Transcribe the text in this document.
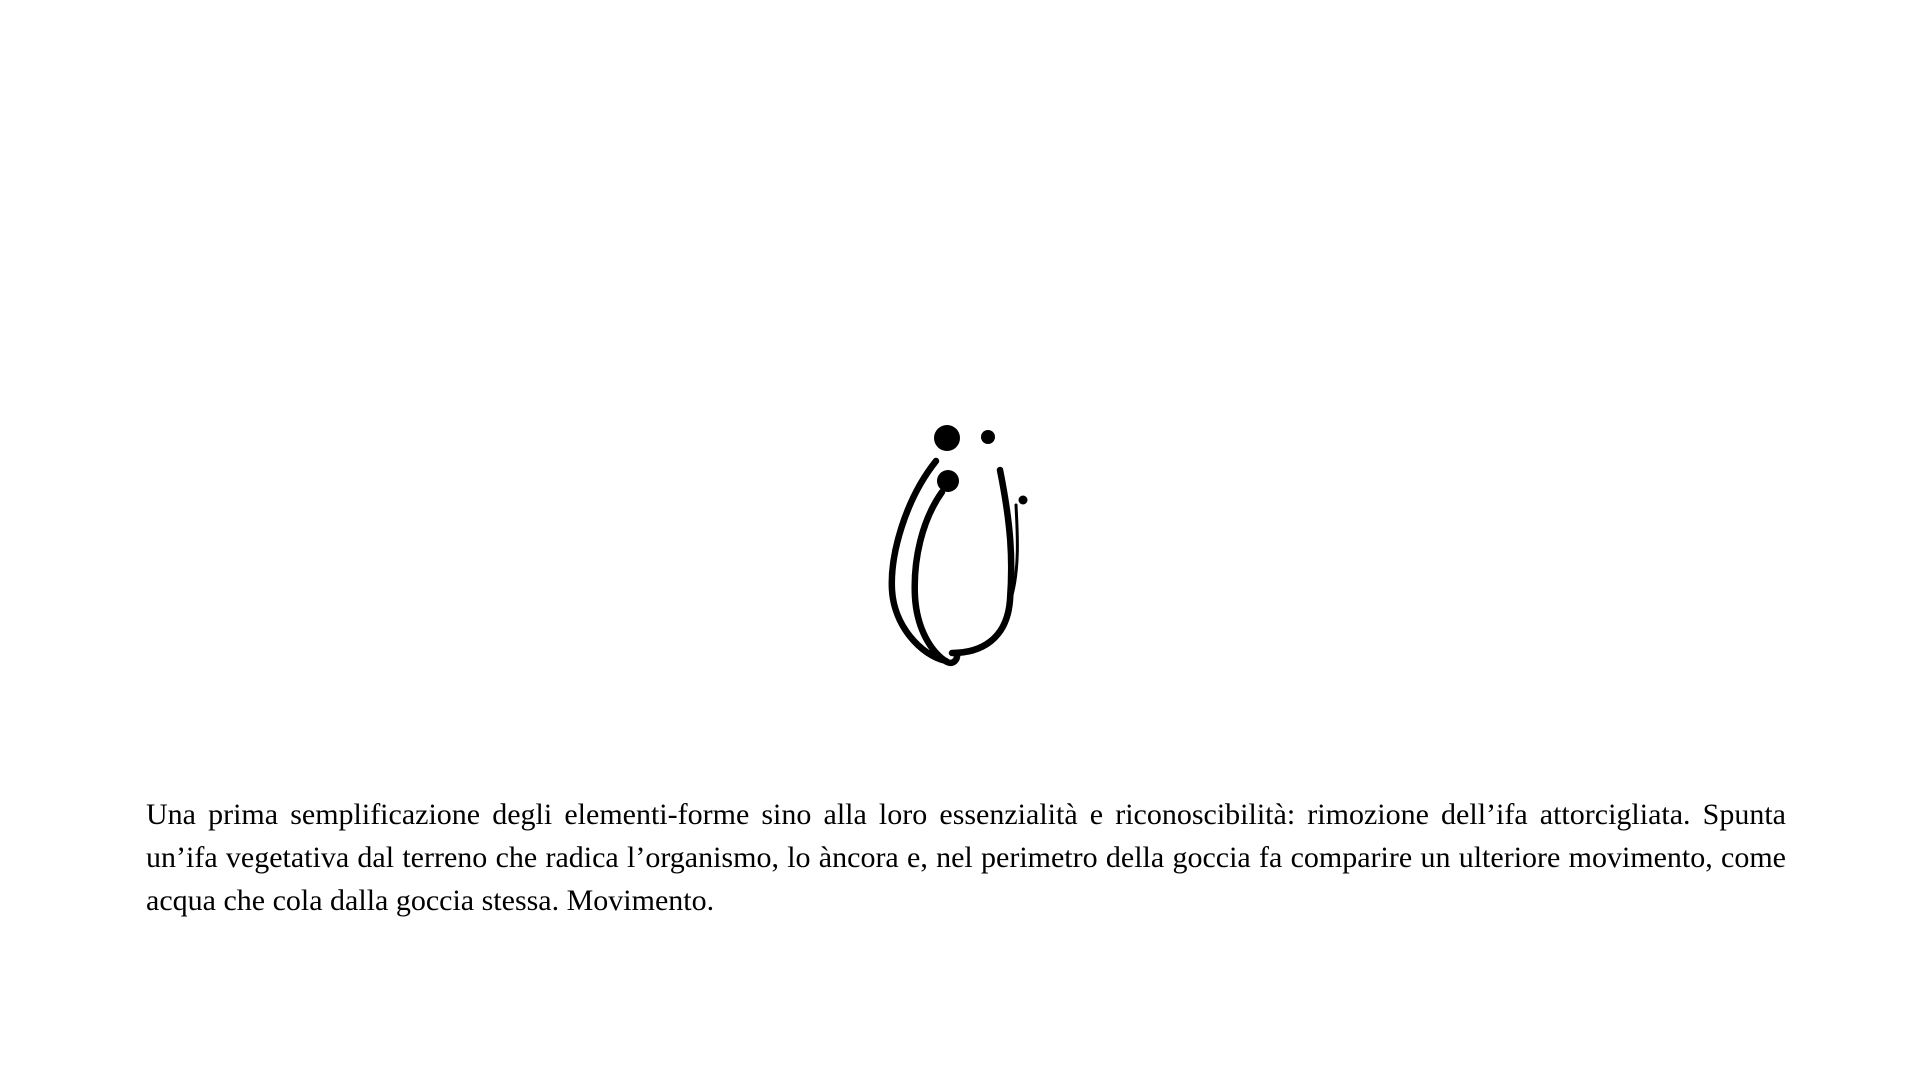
Una prima semplificazione degli elementi-forme sino alla loro essenzialità e riconoscibilità: rimozione dell’ifa attorcigliata. Spunta un’ifa vegetativa dal terreno che radica l’organismo, lo àncora e, nel perimetro della goccia fa comparire un ulteriore movimento, come acqua che cola dalla goccia stessa. Movimento.
